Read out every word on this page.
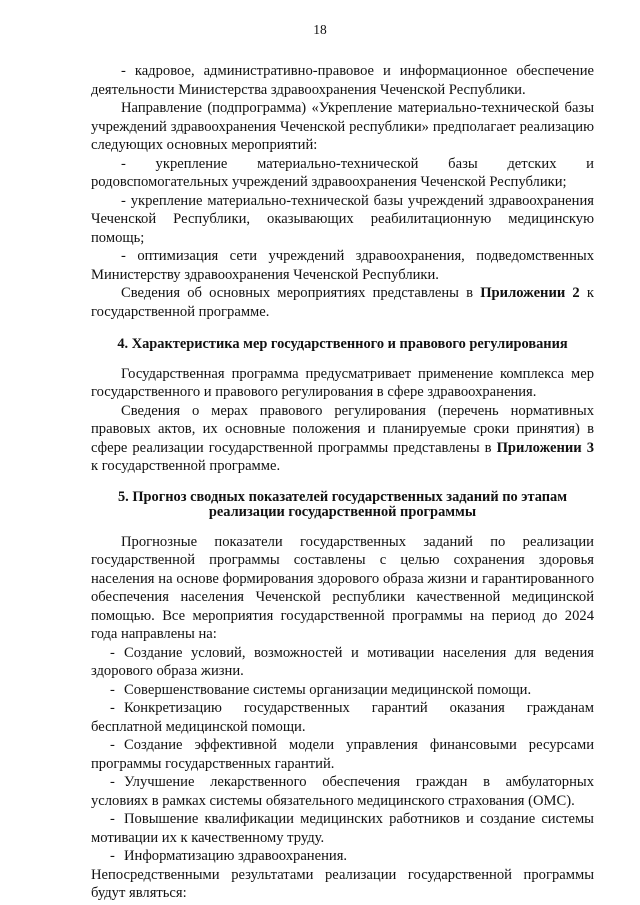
18

- кадровое, административно-правовое и информационное обеспечение деятельности Министерства здравоохранения Чеченской Республики.

Направление (подпрограмма) «Укрепление материально-технической базы учреждений здравоохранения Чеченской республики» предполагает реализацию следующих основных мероприятий:

- укрепление материально-технической базы детских и родовспомогательных учреждений здравоохранения Чеченской Республики;

- укрепление материально-технической базы учреждений здравоохранения Чеченской Республики, оказывающих реабилитационную медицинскую помощь;

- оптимизация сети учреждений здравоохранения, подведомственных Министерству здравоохранения Чеченской Республики.

Сведения об основных мероприятиях представлены в Приложении 2 к государственной программе.

4. Характеристика мер государственного и правового регулирования

Государственная программа предусматривает применение комплекса мер государственного и правового регулирования в сфере здравоохранения.

Сведения о мерах правового регулирования (перечень нормативных правовых актов, их основные положения и планируемые сроки принятия) в сфере реализации государственной программы представлены в Приложении 3 к государственной программе.

5. Прогноз сводных показателей государственных заданий по этапам реализации государственной программы

Прогнозные показатели государственных заданий по реализации государственной программы составлены с целью сохранения здоровья населения на основе формирования здорового образа жизни и гарантированного обеспечения населения Чеченской республики качественной медицинской помощью. Все мероприятия государственной программы на период до 2024 года направлены на:

- Создание условий, возможностей и мотивации населения для ведения здорового образа жизни.

- Совершенствование системы организации медицинской помощи.

- Конкретизацию государственных гарантий оказания гражданам бесплатной медицинской помощи.

- Создание эффективной модели управления финансовыми ресурсами программы государственных гарантий.

- Улучшение лекарственного обеспечения граждан в амбулаторных условиях в рамках системы обязательного медицинского страхования (ОМС).

- Повышение квалификации медицинских работников и создание системы мотивации их к качественному труду.

- Информатизацию здравоохранения.

Непосредственными результатами реализации государственной программы будут являться:
